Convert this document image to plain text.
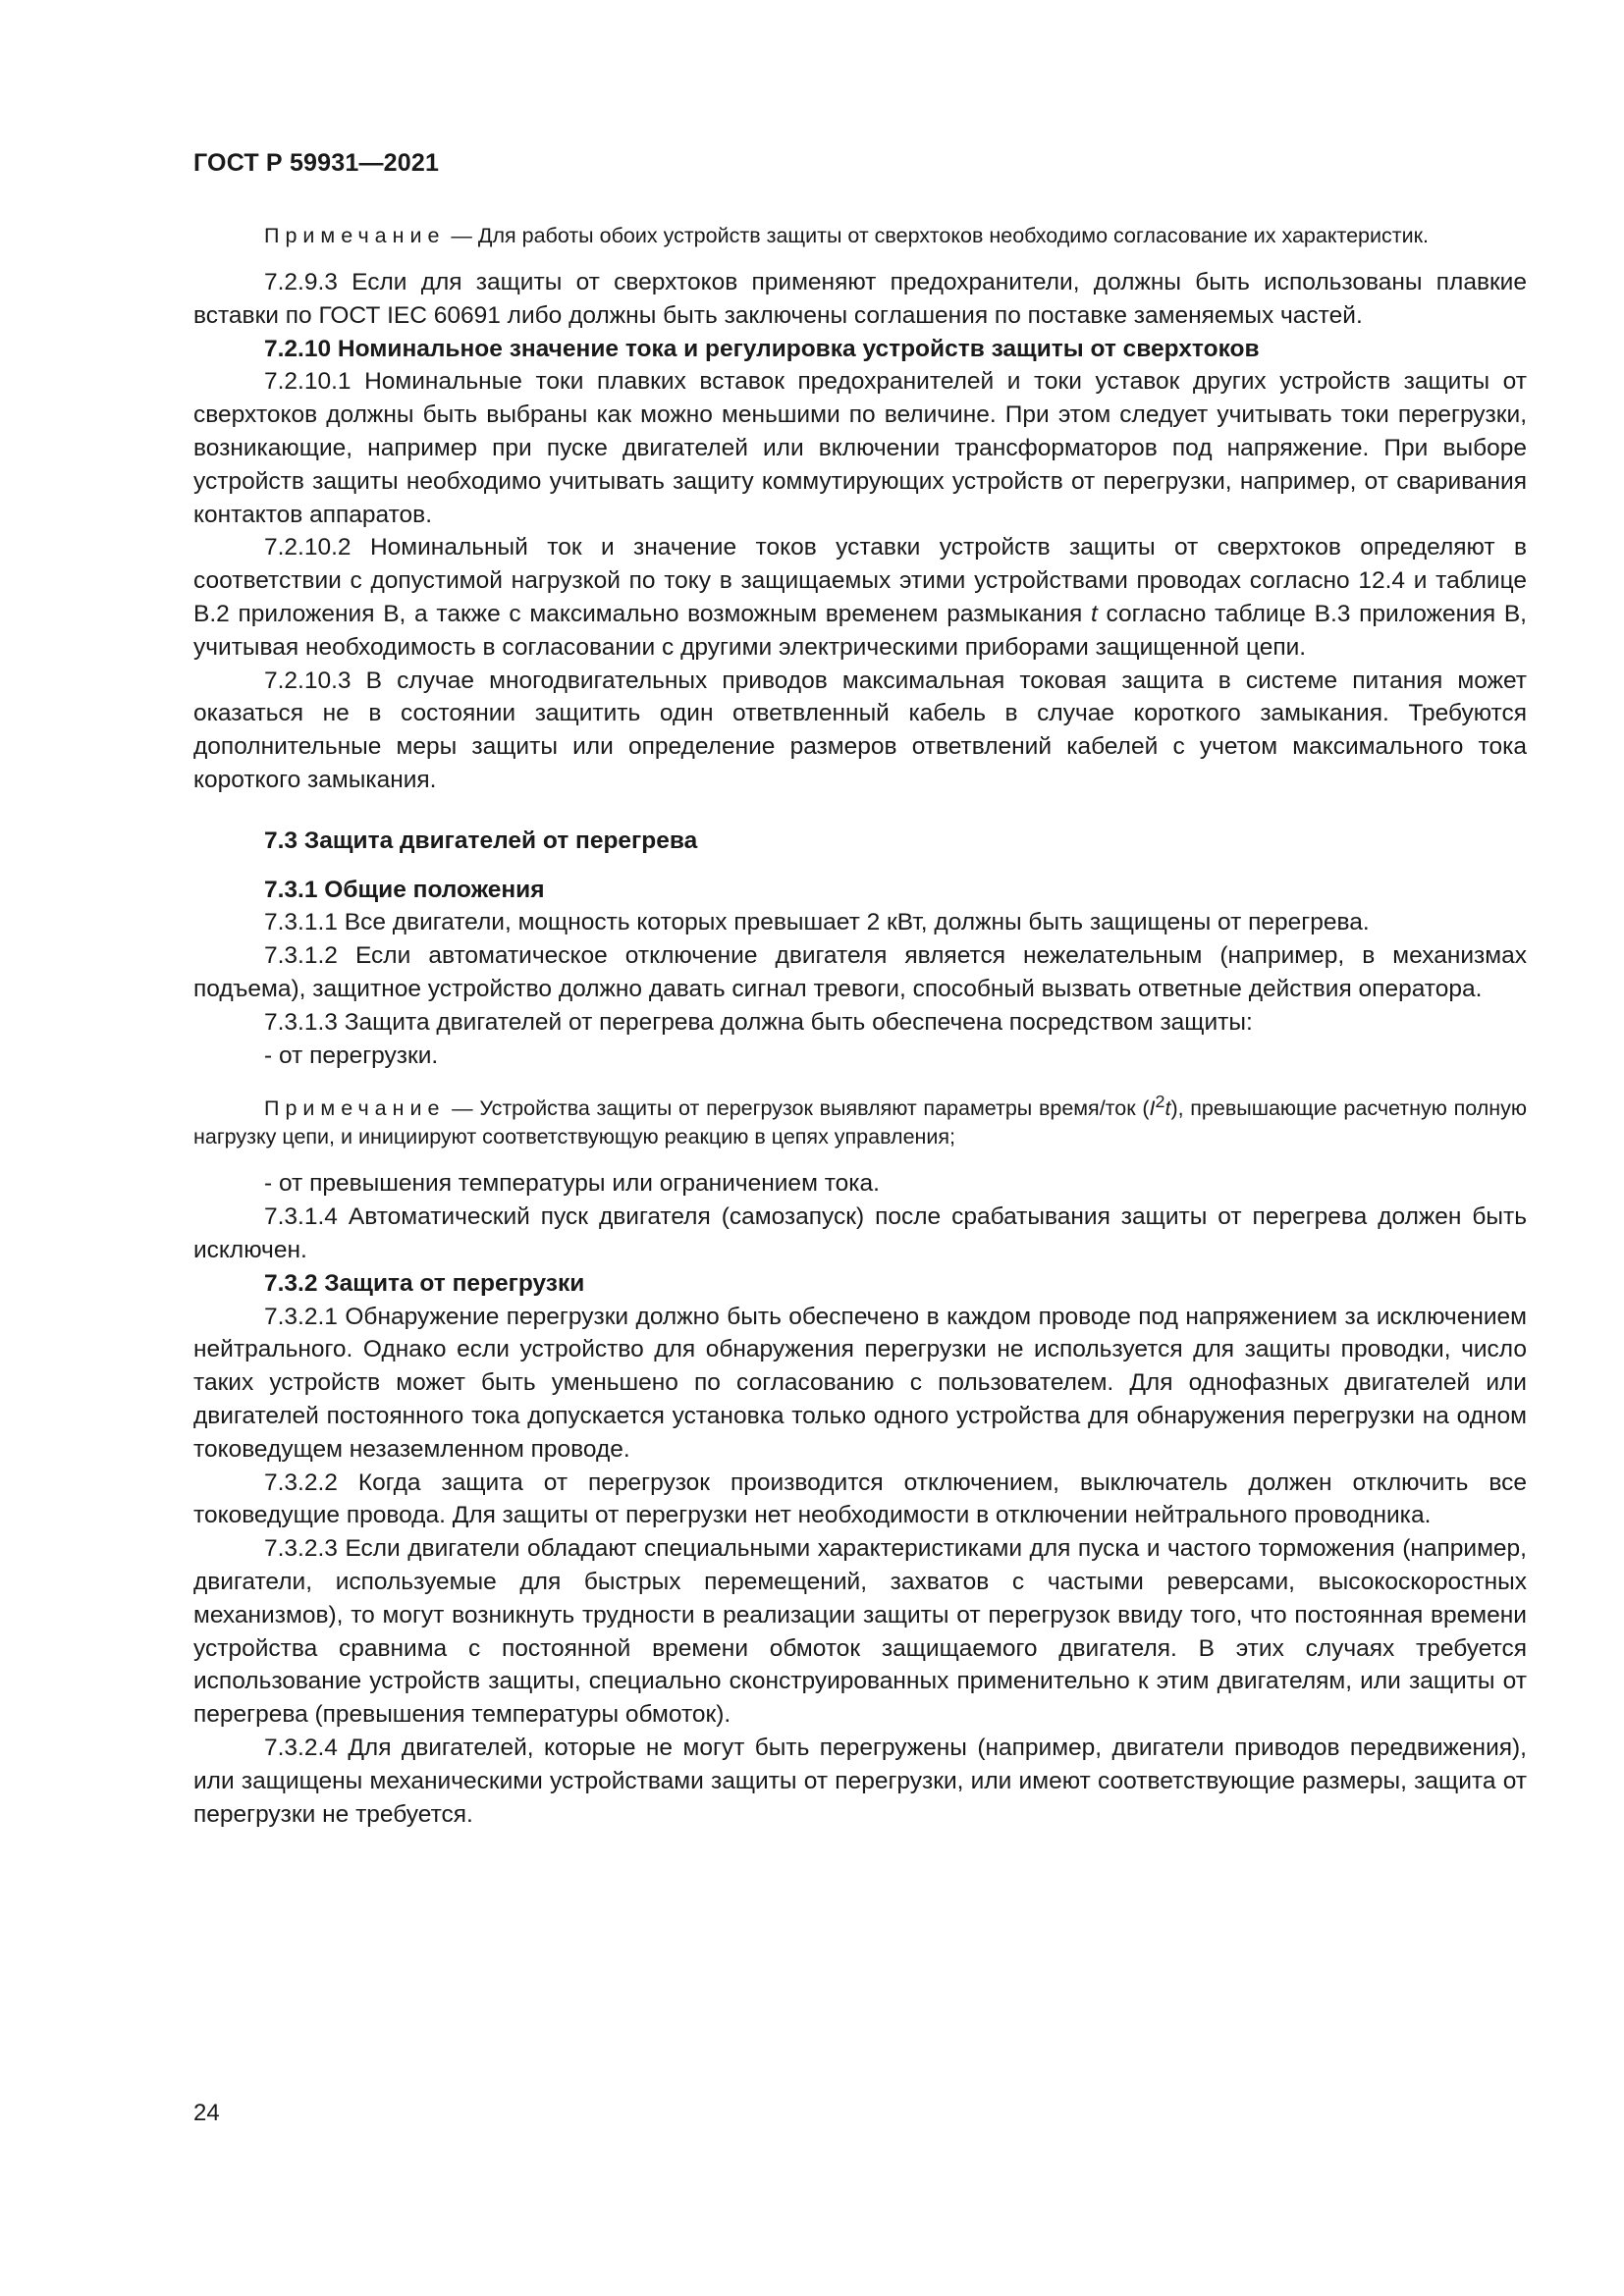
ГОСТ Р 59931—2021

Примечание — Для работы обоих устройств защиты от сверхтоков необходимо согласование их характеристик.

7.2.9.3 Если для защиты от сверхтоков применяют предохранители, должны быть использованы плавкие вставки по ГОСТ IEC 60691 либо должны быть заключены соглашения по поставке заменяемых частей.

7.2.10 Номинальное значение тока и регулировка устройств защиты от сверхтоков

7.2.10.1 Номинальные токи плавких вставок предохранителей и токи уставок других устройств защиты от сверхтоков должны быть выбраны как можно меньшими по величине. При этом следует учитывать токи перегрузки, возникающие, например при пуске двигателей или включении трансформаторов под напряжение. При выборе устройств защиты необходимо учитывать защиту коммутирующих устройств от перегрузки, например, от сваривания контактов аппаратов.

7.2.10.2 Номинальный ток и значение токов уставки устройств защиты от сверхтоков определяют в соответствии с допустимой нагрузкой по току в защищаемых этими устройствами проводах согласно 12.4 и таблице В.2 приложения В, а также с максимально возможным временем размыкания t согласно таблице В.3 приложения В, учитывая необходимость в согласовании с другими электрическими приборами защищенной цепи.

7.2.10.3 В случае многодвигательных приводов максимальная токовая защита в системе питания может оказаться не в состоянии защитить один ответвленный кабель в случае короткого замыкания. Требуются дополнительные меры защиты или определение размеров ответвлений кабелей с учетом максимального тока короткого замыкания.

7.3 Защита двигателей от перегрева

7.3.1 Общие положения

7.3.1.1 Все двигатели, мощность которых превышает 2 кВт, должны быть защищены от перегрева.

7.3.1.2 Если автоматическое отключение двигателя является нежелательным (например, в механизмах подъема), защитное устройство должно давать сигнал тревоги, способный вызвать ответные действия оператора.

7.3.1.3 Защита двигателей от перегрева должна быть обеспечена посредством защиты:

- от перегрузки.

Примечание — Устройства защиты от перегрузок выявляют параметры время/ток $(I^2t)$, превышающие расчетную полную нагрузку цепи, и инициируют соответствующую реакцию в цепях управления;

- от превышения температуры или ограничением тока.

7.3.1.4 Автоматический пуск двигателя (самозапуск) после срабатывания защиты от перегрева должен быть исключен.

7.3.2 Защита от перегрузки

7.3.2.1 Обнаружение перегрузки должно быть обеспечено в каждом проводе под напряжением за исключением нейтрального. Однако если устройство для обнаружения перегрузки не используется для защиты проводки, число таких устройств может быть уменьшено по согласованию с пользователем. Для однофазных двигателей или двигателей постоянного тока допускается установка только одного устройства для обнаружения перегрузки на одном токоведущем незаземленном проводе.

7.3.2.2 Когда защита от перегрузок производится отключением, выключатель должен отключить все токоведущие провода. Для защиты от перегрузки нет необходимости в отключении нейтрального проводника.

7.3.2.3 Если двигатели обладают специальными характеристиками для пуска и частого торможения (например, двигатели, используемые для быстрых перемещений, захватов с частыми реверсами, высокоскоростных механизмов), то могут возникнуть трудности в реализации защиты от перегрузок ввиду того, что постоянная времени устройства сравнима с постоянной времени обмоток защищаемого двигателя. В этих случаях требуется использование устройств защиты, специально сконструированных применительно к этим двигателям, или защиты от перегрева (превышения температуры обмоток).

7.3.2.4 Для двигателей, которые не могут быть перегружены (например, двигатели приводов передвижения), или защищены механическими устройствами защиты от перегрузки, или имеют соответствующие размеры, защита от перегрузки не требуется.

24
